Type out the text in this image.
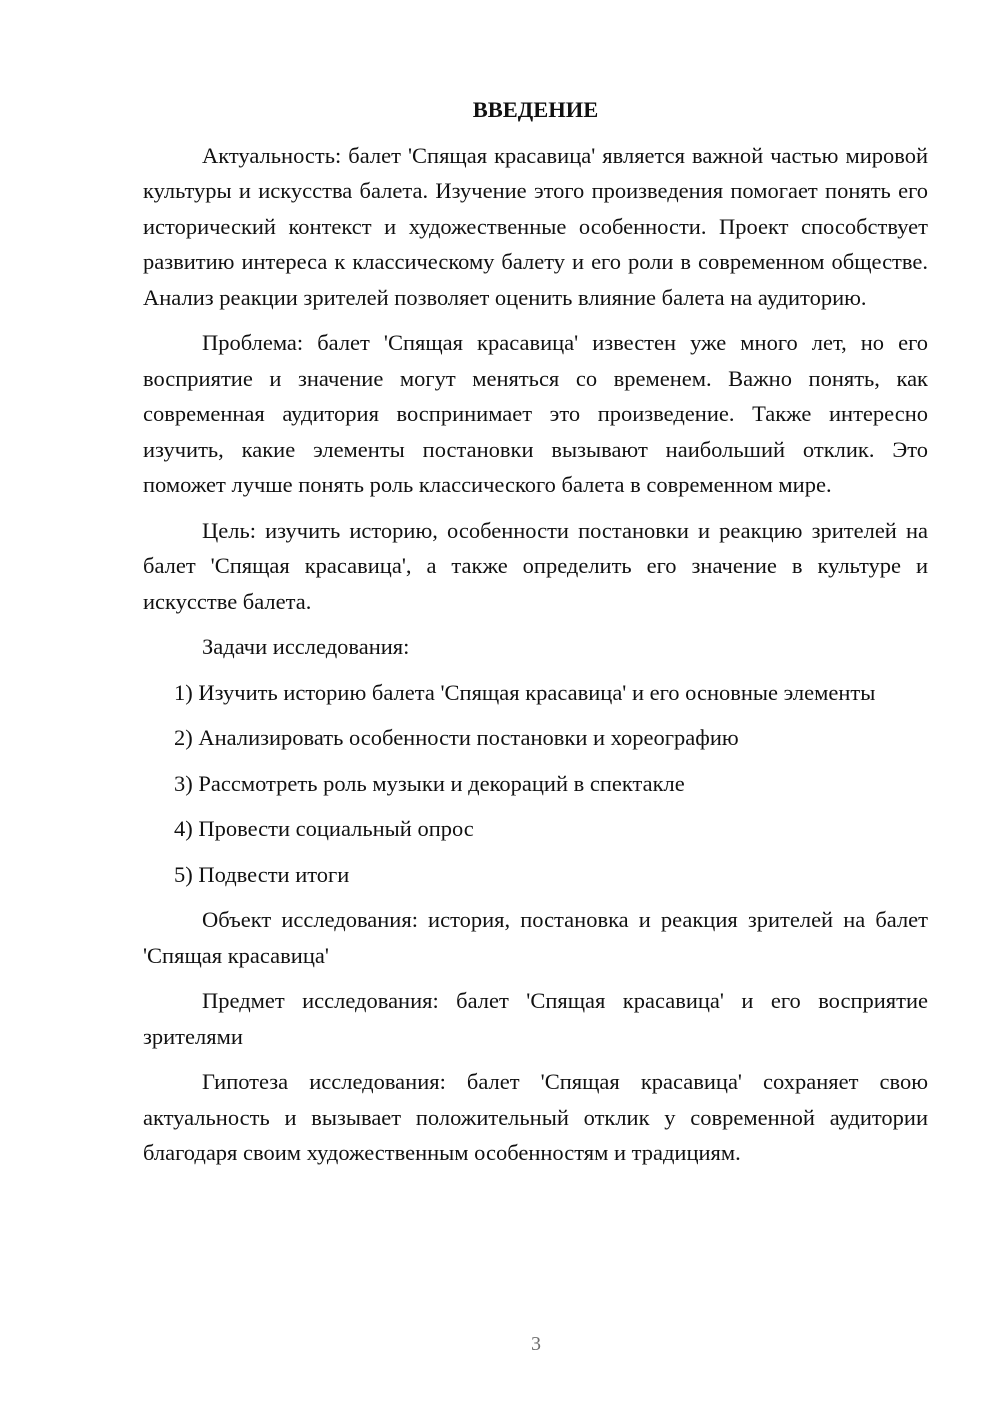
ВВЕДЕНИЕ

Актуальность: балет 'Спящая красавица' является важной частью мировой культуры и искусства балета. Изучение этого произведения помогает понять его исторический контекст и художественные особенности. Проект способствует развитию интереса к классическому балету и его роли в современном обществе. Анализ реакции зрителей позволяет оценить влияние балета на аудиторию.

Проблема: балет 'Спящая красавица' известен уже много лет, но его восприятие и значение могут меняться со временем. Важно понять, как современная аудитория воспринимает это произведение. Также интересно изучить, какие элементы постановки вызывают наибольший отклик. Это поможет лучше понять роль классического балета в современном мире.

Цель: изучить историю, особенности постановки и реакцию зрителей на балет 'Спящая красавица', а также определить его значение в культуре и искусстве балета.

Задачи исследования:

1) Изучить историю балета 'Спящая красавица' и его основные элементы

2) Анализировать особенности постановки и хореографию

3) Рассмотреть роль музыки и декораций в спектакле

4) Провести социальный опрос

5) Подвести итоги

Объект исследования: история, постановка и реакция зрителей на балет 'Спящая красавица'

Предмет исследования: балет 'Спящая красавица' и его восприятие зрителями

Гипотеза исследования: балет 'Спящая красавица' сохраняет свою актуальность и вызывает положительный отклик у современной аудитории благодаря своим художественным особенностям и традициям.

3
